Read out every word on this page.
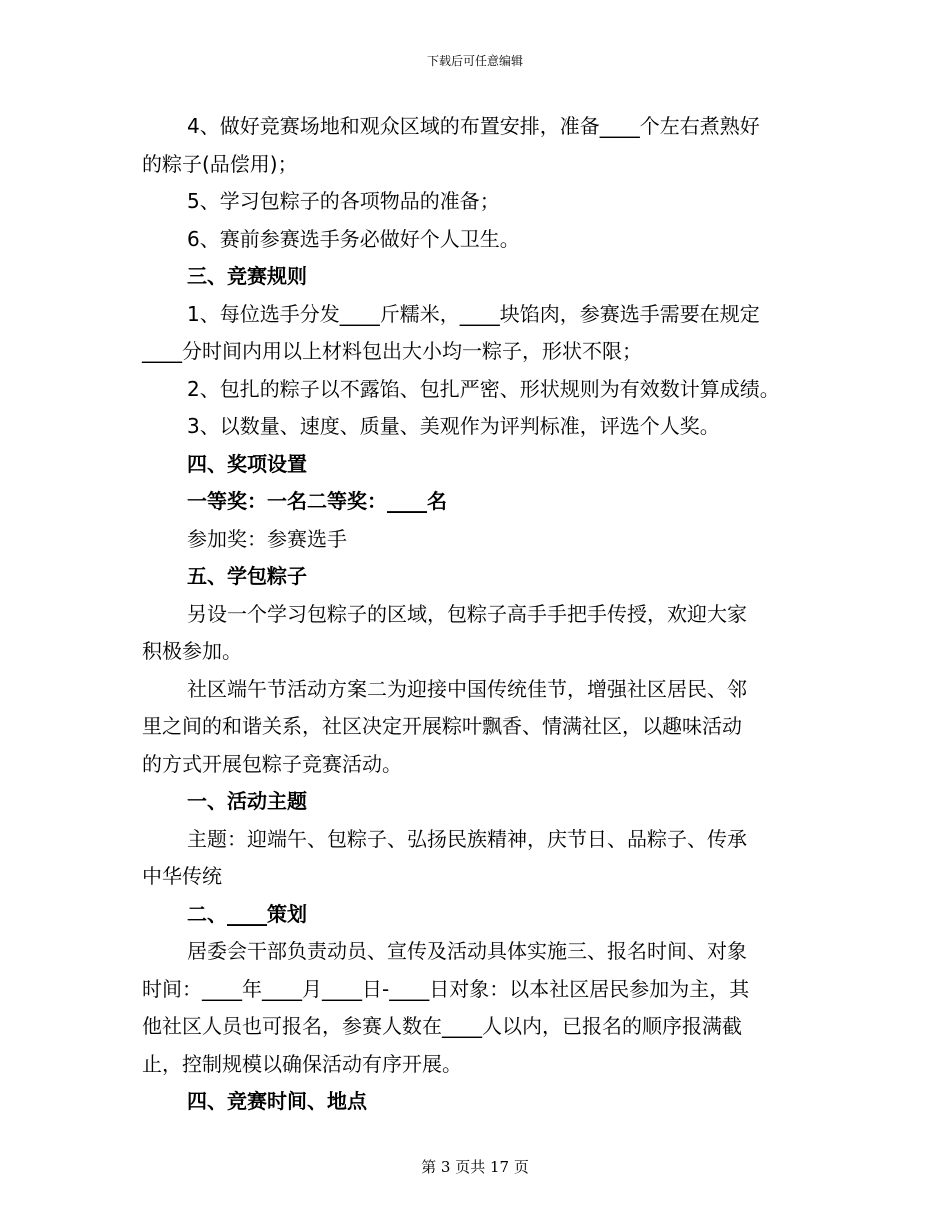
下载后可任意编辑
4、做好竞赛场地和观众区域的布置安排，准备____个左右煮熟好
的粽子(品偿用)；
5、学习包粽子的各项物品的准备；
6、赛前参赛选手务必做好个人卫生。
三、竞赛规则
1、每位选手分发____斤糯米，____块馅肉，参赛选手需要在规定
____分时间内用以上材料包出大小均一粽子，形状不限；
2、包扎的粽子以不露馅、包扎严密、形状规则为有效数计算成绩。
3、以数量、速度、质量、美观作为评判标准，评选个人奖。
四、奖项设置
一等奖：一名二等奖：____名
参加奖：参赛选手
五、学包粽子
另设一个学习包粽子的区域，包粽子高手手把手传授，欢迎大家
积极参加。
社区端午节活动方案二为迎接中国传统佳节，增强社区居民、邻
里之间的和谐关系，社区决定开展粽叶飘香、情满社区，以趣味活动
的方式开展包粽子竞赛活动。
一、活动主题
主题：迎端午、包粽子、弘扬民族精神，庆节日、品粽子、传承
中华传统
二、____策划
居委会干部负责动员、宣传及活动具体实施三、报名时间、对象
时间：____年____月____日-____日对象：以本社区居民参加为主，其
他社区人员也可报名，参赛人数在____人以内，已报名的顺序报满截
止，控制规模以确保活动有序开展。
四、竞赛时间、地点
第 3 页共 17 页
